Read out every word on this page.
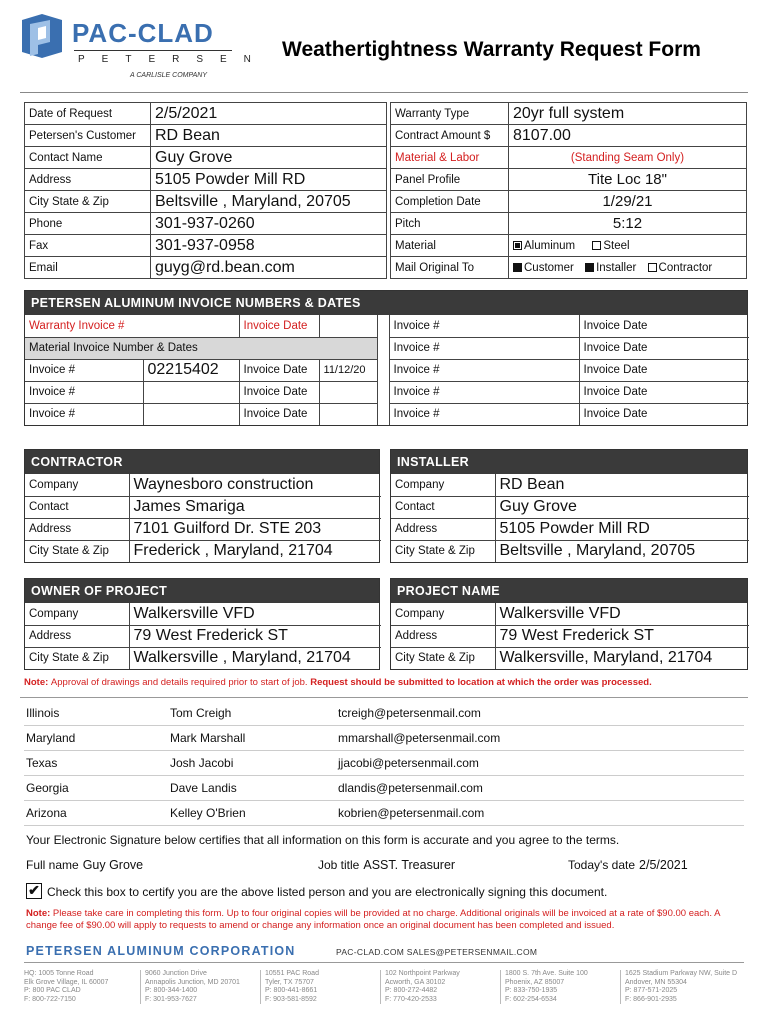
PAC-CLAD
PETERSEN
A CARLISLE COMPANY
Weathertightness Warranty Request Form
Date of Request	2/5/2021
Petersen's Customer	RD Bean
Contact Name	Guy Grove
Address	5105 Powder Mill RD
City State & Zip	Beltsville , Maryland, 20705
Phone	301-937-0260
Fax	301-937-0958
Email	guyg@rd.bean.com
Warranty Type	20yr full system
Contract Amount $	8107.00
Material & Labor	(Standing Seam Only)
Panel Profile	Tite Loc 18"
Completion Date	1/29/21
Pitch	5:12
Material	Aluminum Steel
Mail Original To	Customer Installer Contractor
PETERSEN ALUMINUM INVOICE NUMBERS & DATES
Warranty Invoice #		Invoice Date			Invoice #	Invoice Date
Material Invoice Number & Dates					Invoice #	Invoice Date
Invoice #	02215402	Invoice Date	11/12/20		Invoice #	Invoice Date
Invoice #		Invoice Date			Invoice #	Invoice Date
Invoice #		Invoice Date			Invoice #	Invoice Date
CONTRACTOR
Company	Waynesboro construction
Contact	James Smariga
Address	7101 Guilford Dr. STE 203
City State & Zip	Frederick , Maryland, 21704
INSTALLER
Company	RD Bean
Contact	Guy Grove
Address	5105 Powder Mill RD
City State & Zip	Beltsville , Maryland, 20705
OWNER OF PROJECT
Company	Walkersville VFD
Address	79 West Frederick ST
City State & Zip	Walkersville , Maryland, 21704
PROJECT NAME
Company	Walkersville VFD
Address	79 West Frederick ST
City State & Zip	Walkersville, Maryland, 21704
Note: Approval of drawings and details required prior to start of job. Request should be submitted to location at which the order was processed.
Illinois	Tom Creigh	tcreigh@petersenmail.com
Maryland	Mark Marshall	mmarshall@petersenmail.com
Texas	Josh Jacobi	jjacobi@petersenmail.com
Georgia	Dave Landis	dlandis@petersenmail.com
Arizona	Kelley O'Brien	kobrien@petersenmail.com
Your Electronic Signature below certifies that all information on this form is accurate and you agree to the terms.
Full name Guy Grove	Job title ASST. Treasurer	Today's date 2/5/2021
✔ Check this box to certify you are the above listed person and you are electronically signing this document.
Note: Please take care in completing this form. Up to four original copies will be provided at no charge. Additional originals will be invoiced at a rate of $90.00 each. A change fee of $90.00 will apply to requests to amend or change any information once an original document has been completed and issued.
PETERSEN ALUMINUM CORPORATION	PAC-CLAD.COM SALES@PETERSENMAIL.COM
HQ: 1005 Tonne Road
Elk Grove Village, IL 60007
P: 800 PAC CLAD
F: 800-722-7150
9060 Junction Drive
Annapolis Junction, MD 20701
P: 800-344-1400
F: 301-953-7627
10551 PAC Road
Tyler, TX 75707
P: 800-441-8661
F: 903-581-8592
102 Northpoint Parkway
Acworth, GA 30102
P: 800-272-4482
F: 770-420-2533
1800 S. 7th Ave. Suite 100
Phoenix, AZ 85007
P: 833-750-1935
F: 602-254-6534
1625 Stadium Parkway NW, Suite D
Andover, MN 55304
P: 877-571-2025
F: 866-901-2935
